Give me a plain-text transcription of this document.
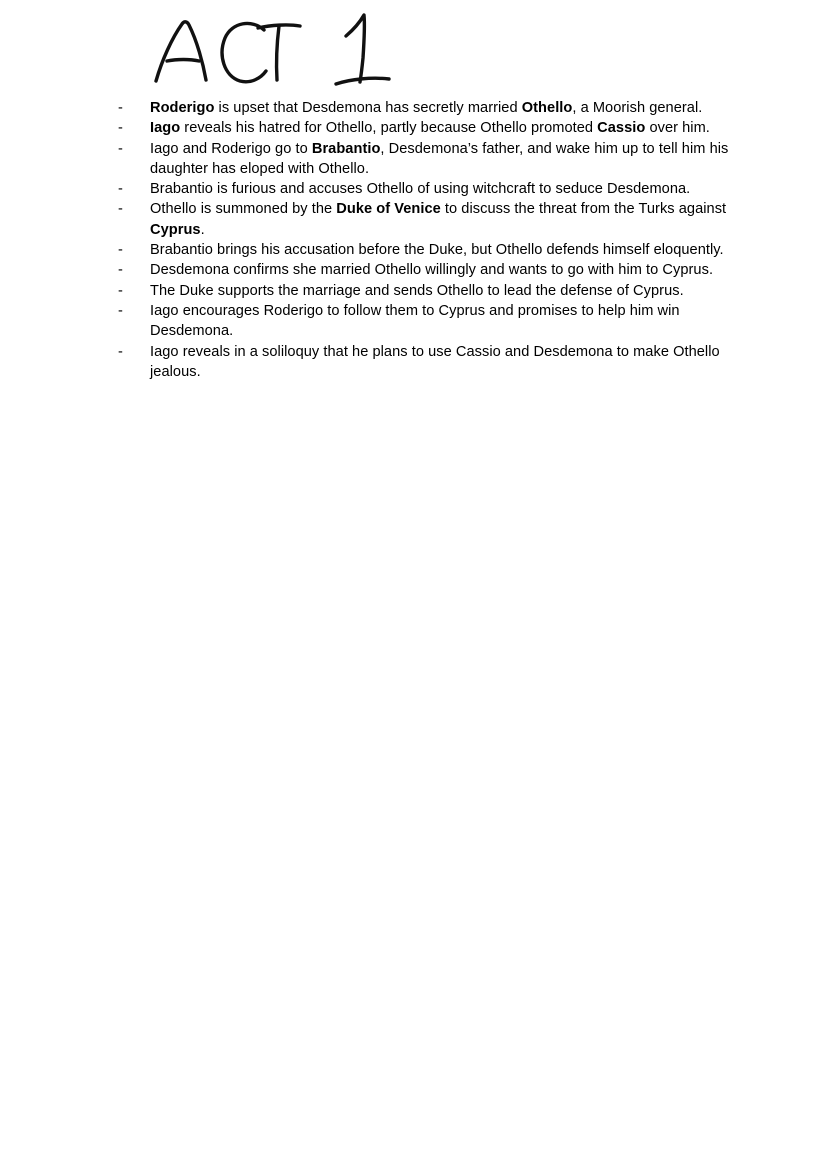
-	Roderigo is upset that Desdemona has secretly married Othello, a Moorish general.
-	Iago reveals his hatred for Othello, partly because Othello promoted Cassio over him.
-	Iago and Roderigo go to Brabantio, Desdemona’s father, and wake him up to tell him his daughter has eloped with Othello.
-	Brabantio is furious and accuses Othello of using witchcraft to seduce Desdemona.
-	Othello is summoned by the Duke of Venice to discuss the threat from the Turks against Cyprus.
-	Brabantio brings his accusation before the Duke, but Othello defends himself eloquently.
-	Desdemona confirms she married Othello willingly and wants to go with him to Cyprus.
-	The Duke supports the marriage and sends Othello to lead the defense of Cyprus.
-	Iago encourages Roderigo to follow them to Cyprus and promises to help him win Desdemona.
-	Iago reveals in a soliloquy that he plans to use Cassio and Desdemona to make Othello jealous.
